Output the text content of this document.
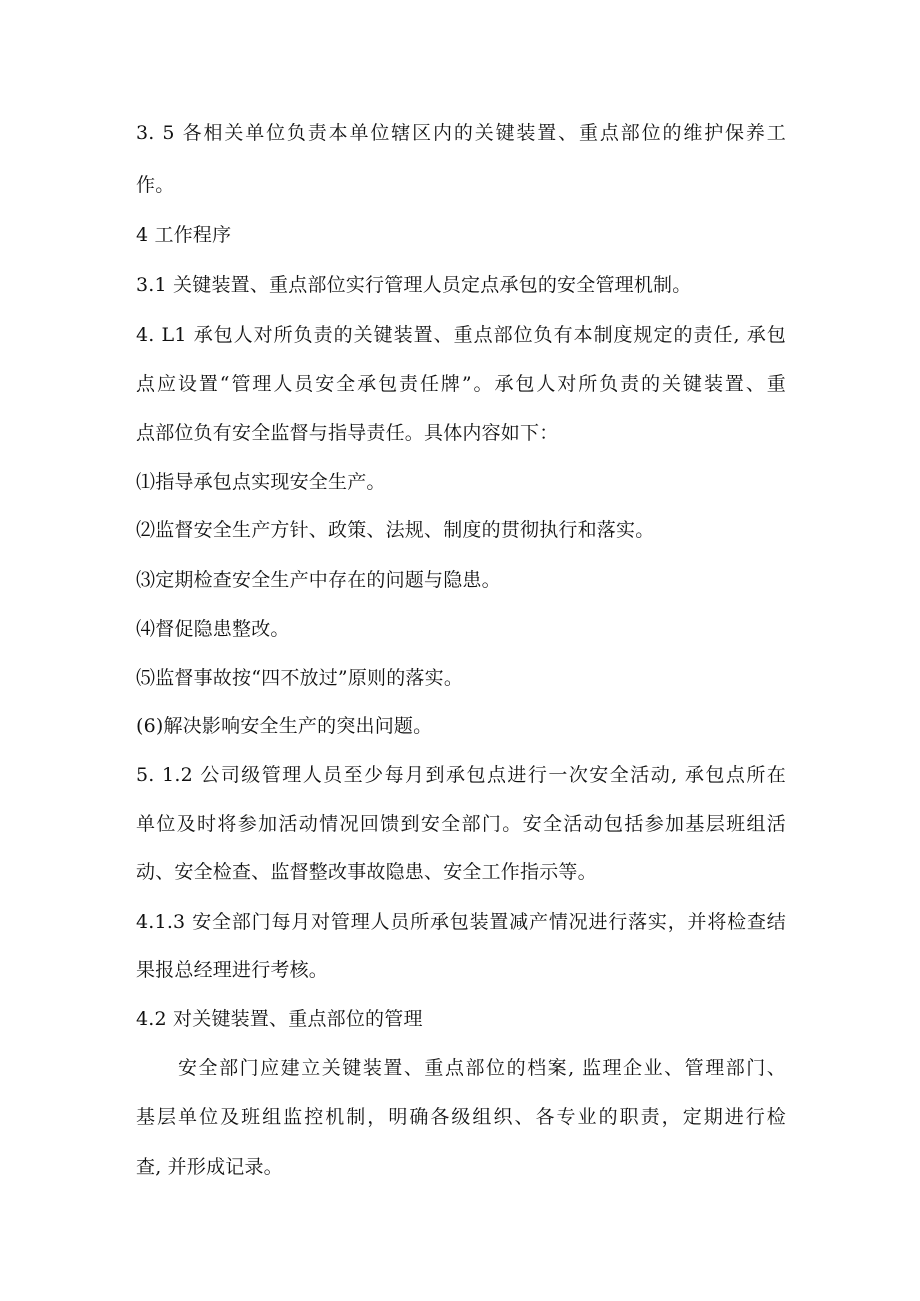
3. 5 各相关单位负责本单位辖区内的关键装置、重点部位的维护保养工
作。
4 工作程序
3.1 关键装置、重点部位实行管理人员定点承包的安全管理机制。
4. L1 承包人对所负责的关键装置、重点部位负有本制度规定的责任, 承包
点应设置“管理人员安全承包责任牌”。承包人对所负责的关键装置、重
点部位负有安全监督与指导责任。具体内容如下：
⑴指导承包点实现安全生产。
⑵监督安全生产方针、政策、法规、制度的贯彻执行和落实。
⑶定期检查安全生产中存在的问题与隐患。
⑷督促隐患整改。
⑸监督事故按“四不放过”原则的落实。
(6)解决影响安全生产的突出问题。
5. 1.2 公司级管理人员至少每月到承包点进行一次安全活动, 承包点所在
单位及时将参加活动情况回馈到安全部门。安全活动包括参加基层班组活
动、安全检查、监督整改事故隐患、安全工作指示等。
4.1.3 安全部门每月对管理人员所承包装置减产情况进行落实，并将检查结
果报总经理进行考核。
4.2 对关键装置、重点部位的管理
安全部门应建立关键装置、重点部位的档案, 监理企业、管理部门、
基层单位及班组监控机制，明确各级组织、各专业的职责，定期进行检
查, 并形成记录。
